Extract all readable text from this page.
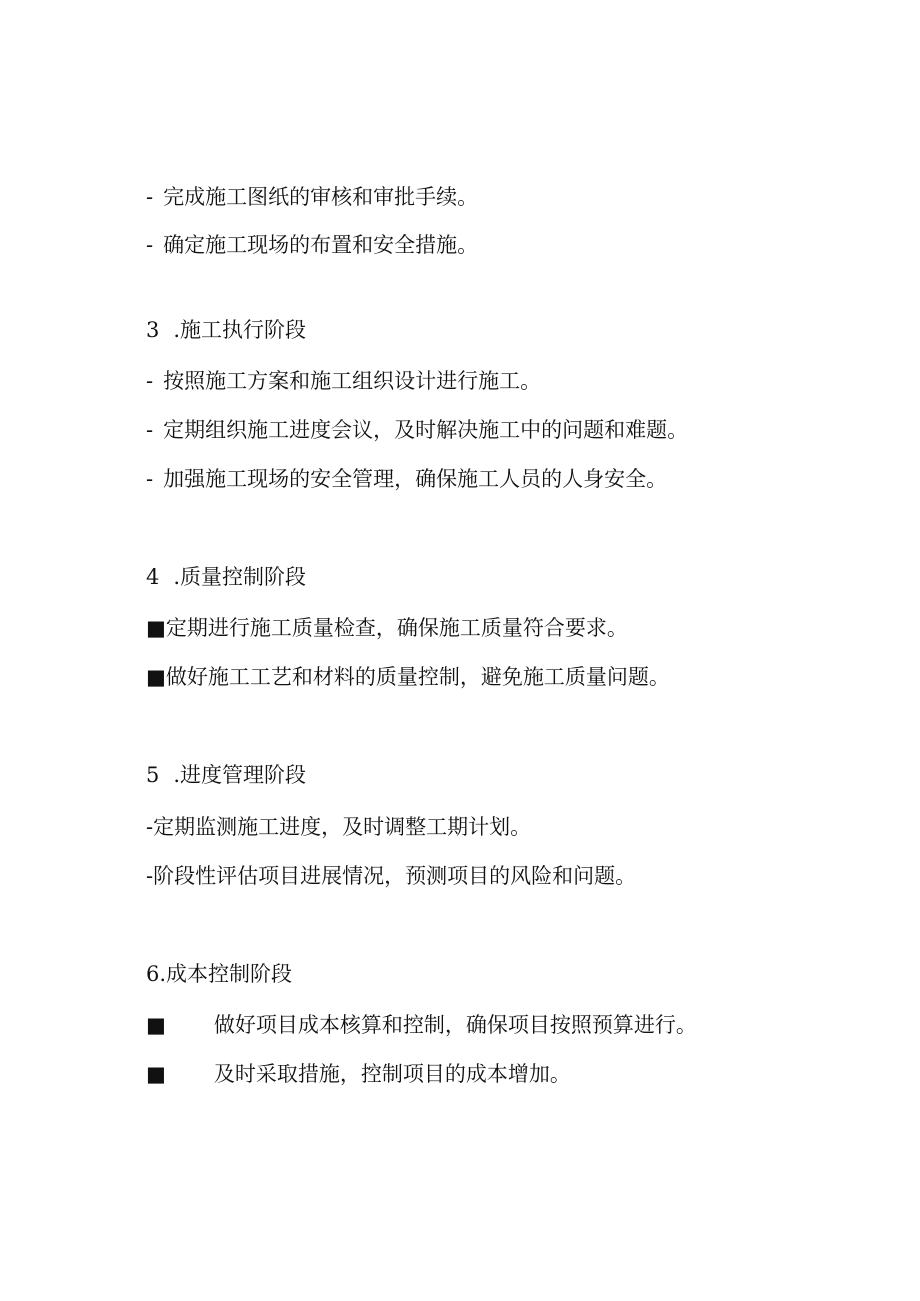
- 完成施工图纸的审核和审批手续。
- 确定施工现场的布置和安全措施。
3 .施工执行阶段
- 按照施工方案和施工组织设计进行施工。
- 定期组织施工进度会议，及时解决施工中的问题和难题。
- 加强施工现场的安全管理，确保施工人员的人身安全。
4 .质量控制阶段
■定期进行施工质量检查，确保施工质量符合要求。
■做好施工工艺和材料的质量控制，避免施工质量问题。
5 .进度管理阶段
-定期监测施工进度，及时调整工期计划。
-阶段性评估项目进展情况，预测项目的风险和问题。
6.成本控制阶段
■ 做好项目成本核算和控制，确保项目按照预算进行。
■ 及时采取措施，控制项目的成本增加。
